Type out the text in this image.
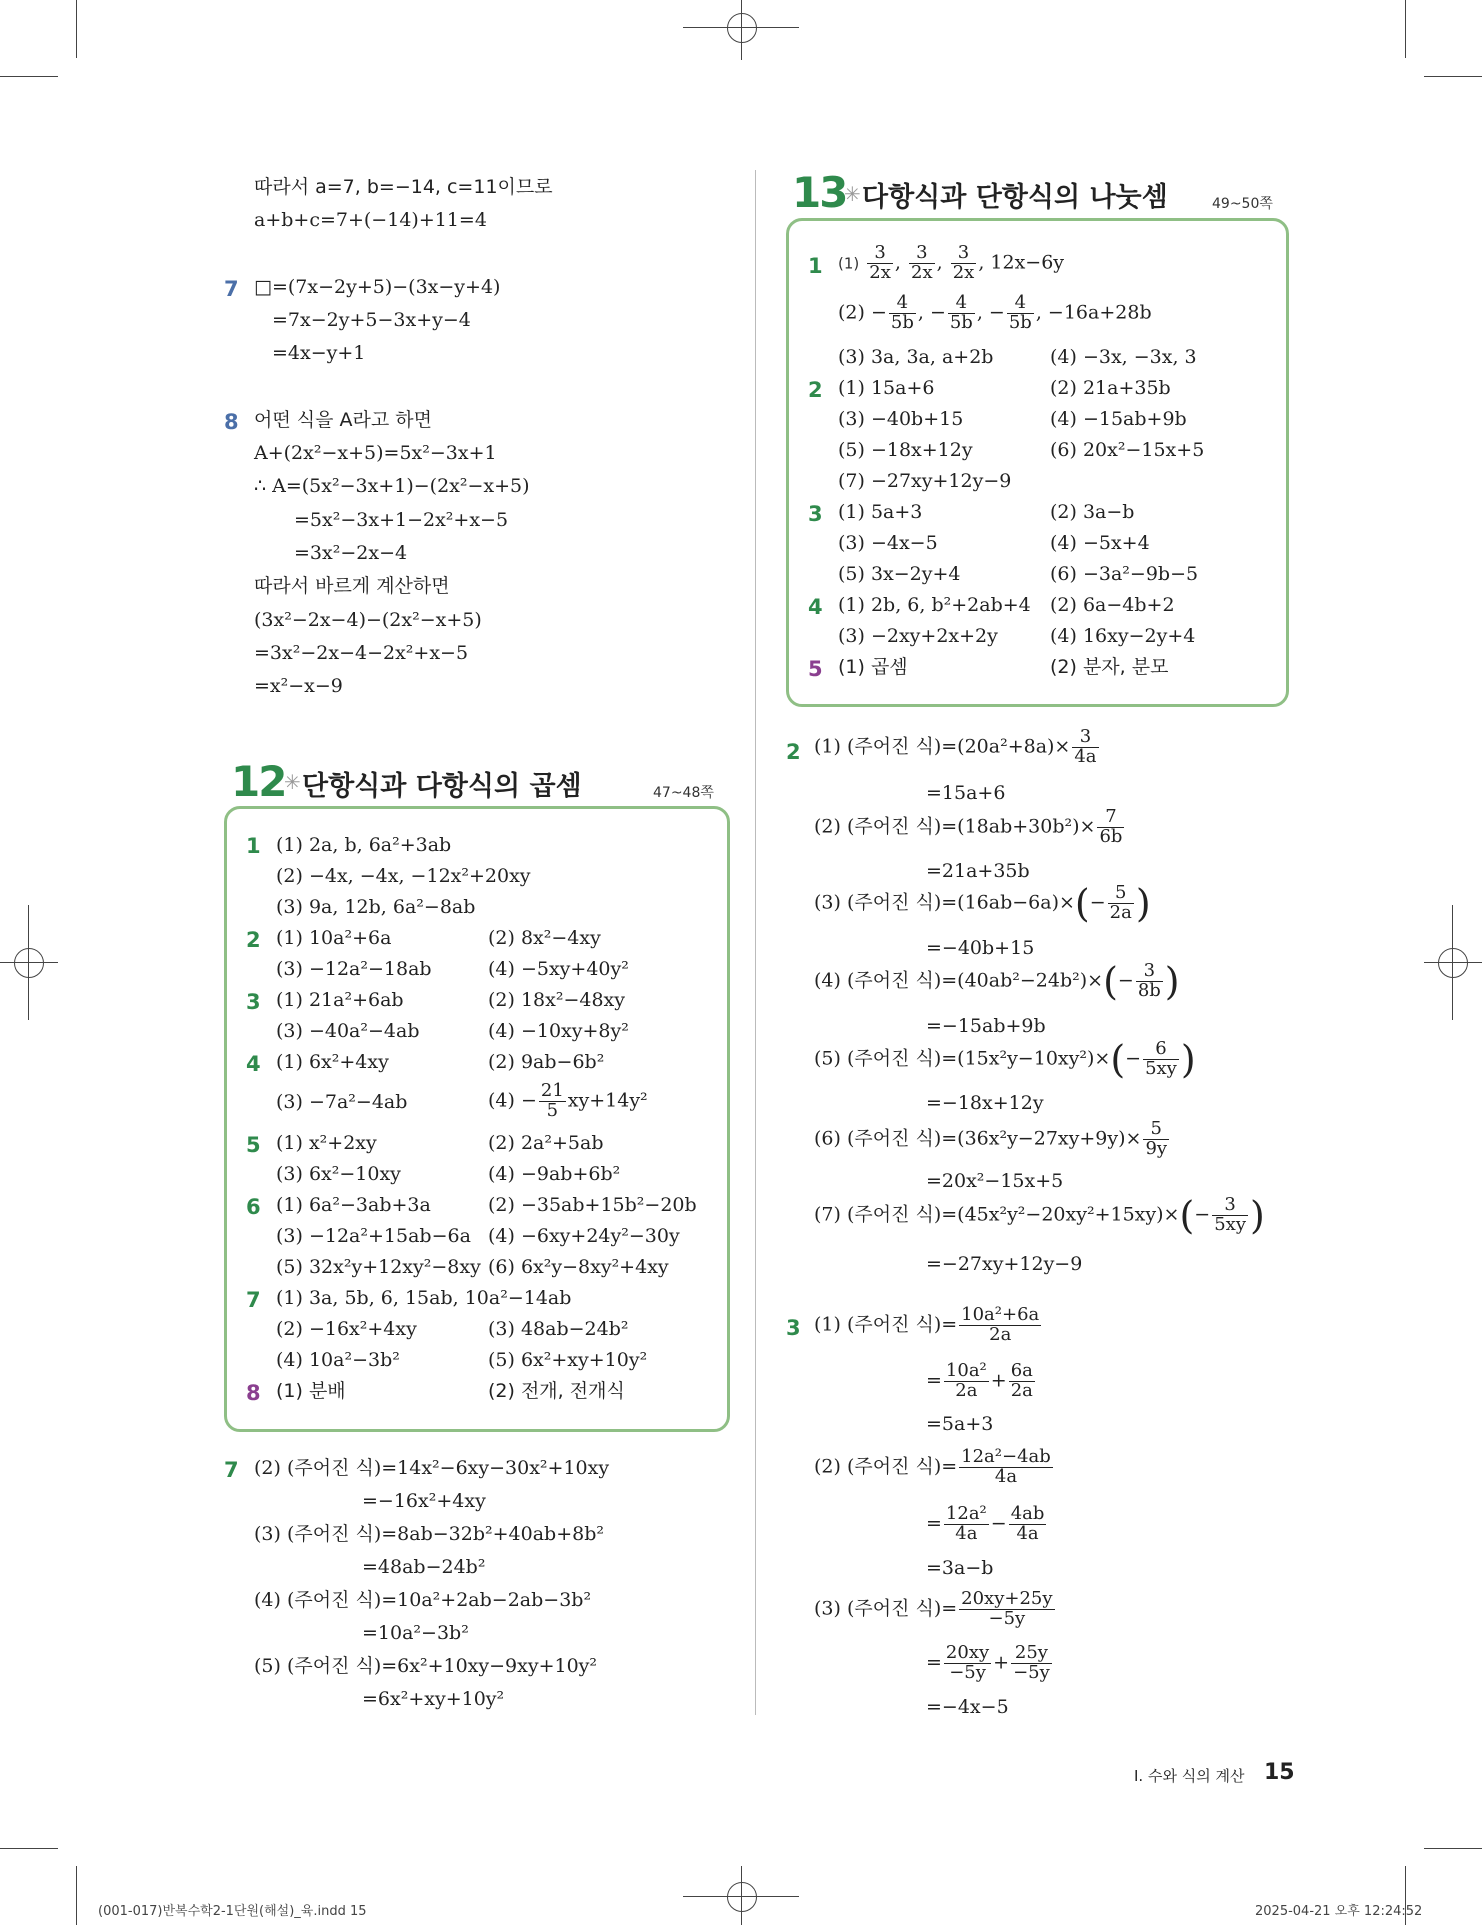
따라서 a=7, b=−14, c=11이므로
a+b+c=7+(−14)+11=4
7 □=(7x−2y+5)−(3x−y+4)
=7x−2y+5−3x+y−4
=4x−y+1
8 어떤 식을 A라고 하면
A+(2x²−x+5)=5x²−3x+1
∴ A=(5x²−3x+1)−(2x²−x+5)
=5x²−3x+1−2x²+x−5
=3x²−2x−4
따라서 바르게 계산하면
(3x²−2x−4)−(2x²−x+5)
=3x²−2x−4−2x²+x−5
=x²−x−9
12
✳ 단항식과 다항식의 곱셈	47~48쪽
1 (1) 2a, b, 6a²+3ab
(2) −4x, −4x, −12x²+20xy
(3) 9a, 12b, 6a²−8ab
2 (1) 10a²+6a	(2) 8x²−4xy
(3) −12a²−18ab	(4) −5xy+40y²
3 (1) 21a²+6ab	(2) 18x²−48xy
(3) −40a²−4ab	(4) −10xy+8y²
4 (1) 6x²+4xy	(2) 9ab−6b²
(3) −7a²−4ab	$(4) - \frac{21}{5} xy+14y^2$
5 (1) x²+2xy	(2) 2a²+5ab
(3) 6x²−10xy	(4) −9ab+6b²
6 (1) 6a²−3ab+3a	(2) −35ab+15b²−20b
(3) −12a²+15ab−6a (4) −6xy+24y²−30y
(5) 32x²y+12xy²−8xy (6) 6x²y−8xy²+4xy
7 (1) 3a, 5b, 6, 15ab, 10a²−14ab
(2) −16x²+4xy	(3) 48ab−24b²
(4) 10a²−3b²	(5) 6x²+xy+10y²
8 (1) 분배	(2) 전개, 전개식
7 (2) (주어진 식)=14x²−6xy−30x²+10xy
=−16x²+4xy
(3) (주어진 식)=8ab−32b²+40ab+8b²
=48ab−24b²
(4) (주어진 식)=10a²+2ab−2ab−3b²
=10a²−3b²
(5) (주어진 식)=6x²+10xy−9xy+10y²
=6x²+xy+10y²
13
✳ 다항식과 단항식의 나눗셈	49~50쪽
1 $(1) \frac{3}{2x}$ , $\frac{3}{2x}$ , $\frac{3}{2x}$ , 12x−6y
$(2) - \frac{4}{5b}$ , − $\frac{4}{5b}$ , − $\frac{4}{5b}$ , −16a+28b
(3) 3a, 3a, a+2b	(4) −3x, −3x, 3
2 (1) 15a+6	(2) 21a+35b
(3) −40b+15	(4) −15ab+9b
(5) −18x+12y	(6) 20x²−15x+5
(7) −27xy+12y−9
3 (1) 5a+3	(2) 3a−b
(3) −4x−5	(4) −5x+4
(5) 3x−2y+4	(6) −3a²−9b−5
4 (1) 2b, 6, b²+2ab+4 (2) 6a−4b+2
(3) −2xy+2x+2y	(4) 16xy−2y+4
5 (1) 곱셈	(2) 분자, 분모
2 (1) (주어진 식)$=(20a^2+8a)\times \frac{3}{4a}$
=15a+6
(2) (주어진 식)$=(18ab+30b^2)\times \frac{7}{6b}$
=21a+35b
(3) (주어진 식)$=(16ab-6a)\times(- \frac{5}{2a}$ )
=−40b+15
(4) (주어진 식)$=(40ab^2-24b^2)\times(- \frac{3}{8b}$ )
=−15ab+9b
(5) (주어진 식)$=(15x^2y-10xy^2)\times(- \frac{6}{5xy}$ )
=−18x+12y
(6) (주어진 식)$=(36x^2y-27xy+9y)\times \frac{5}{9y}$
=20x²−15x+5
(7) (주어진 식)$=(45x^2y^2-20xy^2+15xy)\times(- \frac{3}{5xy}$ )
=−27xy+12y−9
3 (1) (주어진 식)= $\frac{\text{10a²+6a}}{2a}$
= $\frac{\text{10a²}}{2a} + \frac{6a}{2a}$
=5a+3
(2) (주어진 식)= $\frac{\text{12a²−4ab}}{4a}$
= $\frac{\text{12a²}}{4a} - \frac{4ab}{4a}$
=3a−b
(3) (주어진 식)= $\frac{20xy+25y}{-5y}$
= $\frac{20xy}{-5y} + \frac{25y}{-5y}$
=−4x−5
I. 수와 식의 계산 15
(001-017)반복수학2-1단원(해설)_육.indd 15	2025-04-21 오후 12:24:52
